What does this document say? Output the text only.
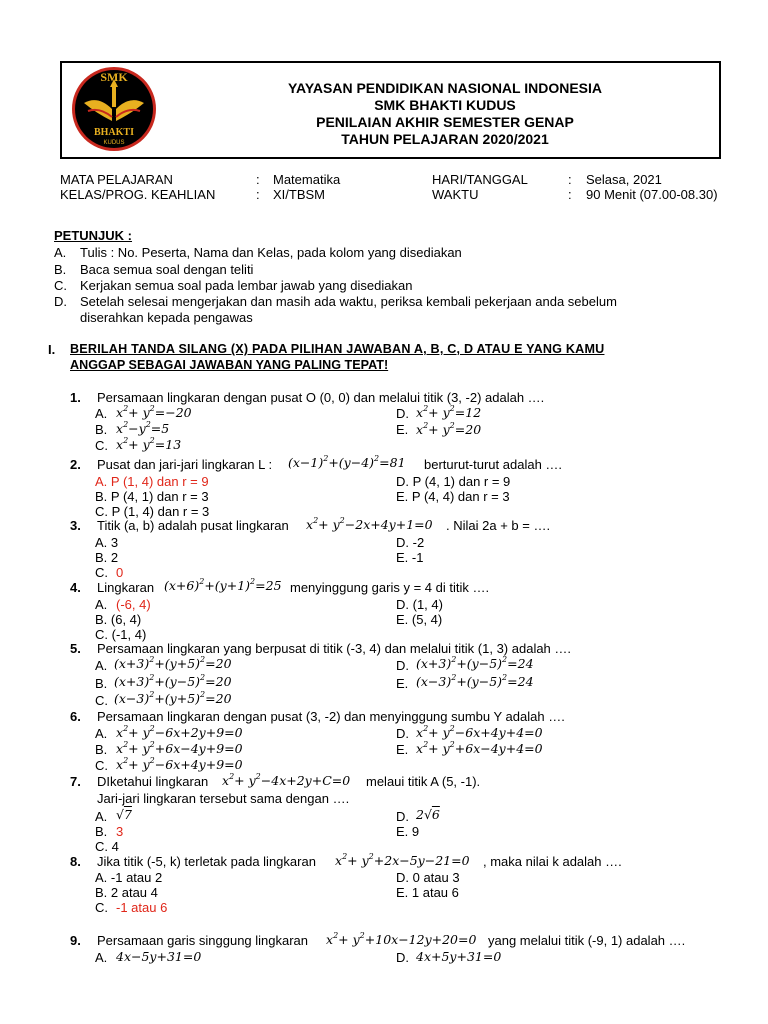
SMK
BHAKTI
KUDUS
YAYASAN PENDIDIKAN NASIONAL INDONESIA
SMK BHAKTI KUDUS
PENILAIAN AKHIR SEMESTER GENAP
TAHUN PELAJARAN 2020/2021
MATA PELAJARAN	: Matematika
KELAS/PROG. KEAHLIAN	: XI/TBSM
HARI/TANGGAL	: Selasa, 2021
WAKTU	: 90 Menit (07.00-08.30)
PETUNJUK :
A. Tulis : No. Peserta, Nama dan Kelas, pada kolom yang disediakan
B. Baca semua soal dengan teliti
C. Kerjakan semua soal pada lembar jawab yang disediakan
D. Setelah selesai mengerjakan dan masih ada waktu, periksa kembali pekerjaan anda sebelum
diserahkan kepada pengawas
I. BERILAH TANDA SILANG (X) PADA PILIHAN JAWABAN A, B, C, D ATAU E YANG KAMU
ANGGAP SEBAGAI JAWABAN YANG PALING TEPAT!
1. Persamaan lingkaran dengan pusat O (0, 0) dan melalui titik (3, -2) adalah ….
A. $x^2+ y^2=-20$
B. $x^2-y^2=5$
C. $x^2+ y^2=13$
D. $x^2+ y^2=12$
E. $x^2+ y^2=20$
2. Pusat dan jari-jari lingkaran L : $(x-1)^2+(y-4)^2=81$ berturut-turut adalah ….
A. P (1, 4) dan r = 9
B. P (4, 1) dan r = 3
C. P (1, 4) dan r = 3
D. P (4, 1) dan r = 9
E. P (4, 4) dan r = 3
3. Titik (a, b) adalah pusat lingkaran $x^2+ y^2-2x+4y+1=0$ . Nilai 2a + b = ….
A. 3
B. 2
C. 0
D. -2
E. -1
4. Lingkaran $(x+6)^2+(y+1)^2=25$ menyinggung garis y = 4 di titik ….
A. (-6, 4)
B. (6, 4)
C. (-1, 4)
D. (1, 4)
E. (5, 4)
5. Persamaan lingkaran yang berpusat di titik (-3, 4) dan melalui titik (1, 3) adalah ….
A. $(x+3)^2+(y+5)^2=20$
B. $(x+3)^2+(y-5)^2=20$
C. $(x-3)^2+(y+5)^2=20$
D. $(x+3)^2+(y-5)^2=24$
E. $(x-3)^2+(y-5)^2=24$
6. Persamaan lingkaran dengan pusat (3, -2) dan menyinggung sumbu Y adalah ….
A. $x^2+ y^2-6x+2y+9=0$
B. $x^2+ y^2+6x-4y+9=0$
C. $x^2+ y^2-6x+4y+9=0$
D. $x^2+ y^2-6x+4y+4=0$
E. $x^2+ y^2+6x-4y+4=0$
7. DIketahui lingkaran $x^2+ y^2-4x+2y+C=0$ melaui titik A (5, -1).
Jari-jari lingkaran tersebut sama dengan ….
A. √7
B. 3
C. 4
D. 2√6
E. 9
8. Jika titik (-5, k) terletak pada lingkaran $x^2+ y^2+2x-5y-21=0$ , maka nilai k adalah ….
A. -1 atau 2
B. 2 atau 4
C. -1 atau 6
D. 0 atau 3
E. 1 atau 6
9. Persamaan garis singgung lingkaran $x^2+ y^2+10x-12y+20=0$ yang melalui titik (-9, 1) adalah ….
A. 4x−5y+31=0	D. 4x+5y+31=0
